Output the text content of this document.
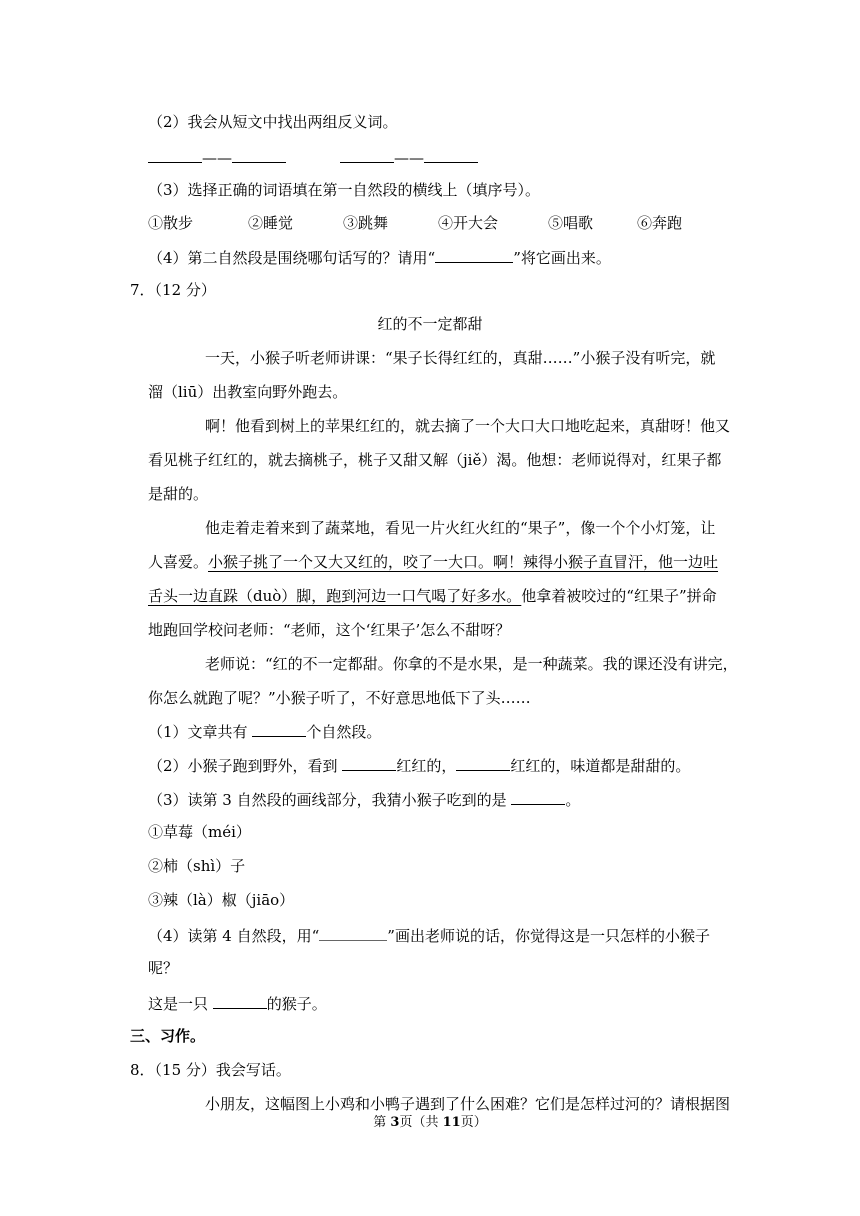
（2）我会从短文中找出两组反义词。
——	——
（3）选择正确的词语填在第一自然段的横线上（填序号）。
①散步	②睡觉	③跳舞	④开大会	⑤唱歌	⑥奔跑
（4）第二自然段是围绕哪句话写的？请用“	”将它画出来。
7．（12 分）
红的不一定都甜
一天，小猴子听老师讲课：“果子长得红红的，真甜……”小猴子没有听完，就
溜（liū）出教室向野外跑去。
啊！他看到树上的苹果红红的，就去摘了一个大口大口地吃起来，真甜呀！他又
看见桃子红红的，就去摘桃子，桃子又甜又解（jiě）渴。他想：老师说得对，红果子都
是甜的。
他走着走着来到了蔬菜地，看见一片火红火红的“果子”，像一个个小灯笼，让
人喜爱。小猴子挑了一个又大又红的，咬了一大口。啊！辣得小猴子直冒汗，他一边吐
舌头一边直跺（duò）脚，跑到河边一口气喝了好多水。他拿着被咬过的“红果子”拼命
地跑回学校问老师：“老师，这个‘红果子’怎么不甜呀？
老师说：“红的不一定都甜。你拿的不是水果，是一种蔬菜。我的课还没有讲完，
你怎么就跑了呢？”小猴子听了，不好意思地低下了头……
（1）文章共有	个自然段。
（2）小猴子跑到野外，看到	红红的，	红红的，味道都是甜甜的。
（3）读第 3 自然段的画线部分，我猜小猴子吃到的是	。
①草莓（méi）
②柿（shì）子
③辣（là）椒（jiāo）
（4）读第 4 自然段，用“	”画出老师说的话，你觉得这是一只怎样的小猴子
呢？
这是一只	的猴子。
三、习作。
8．（15 分）我会写话。
小朋友，这幅图上小鸡和小鸭子遇到了什么困难？它们是怎样过河的？请根据图
第 3页（共 11页）
